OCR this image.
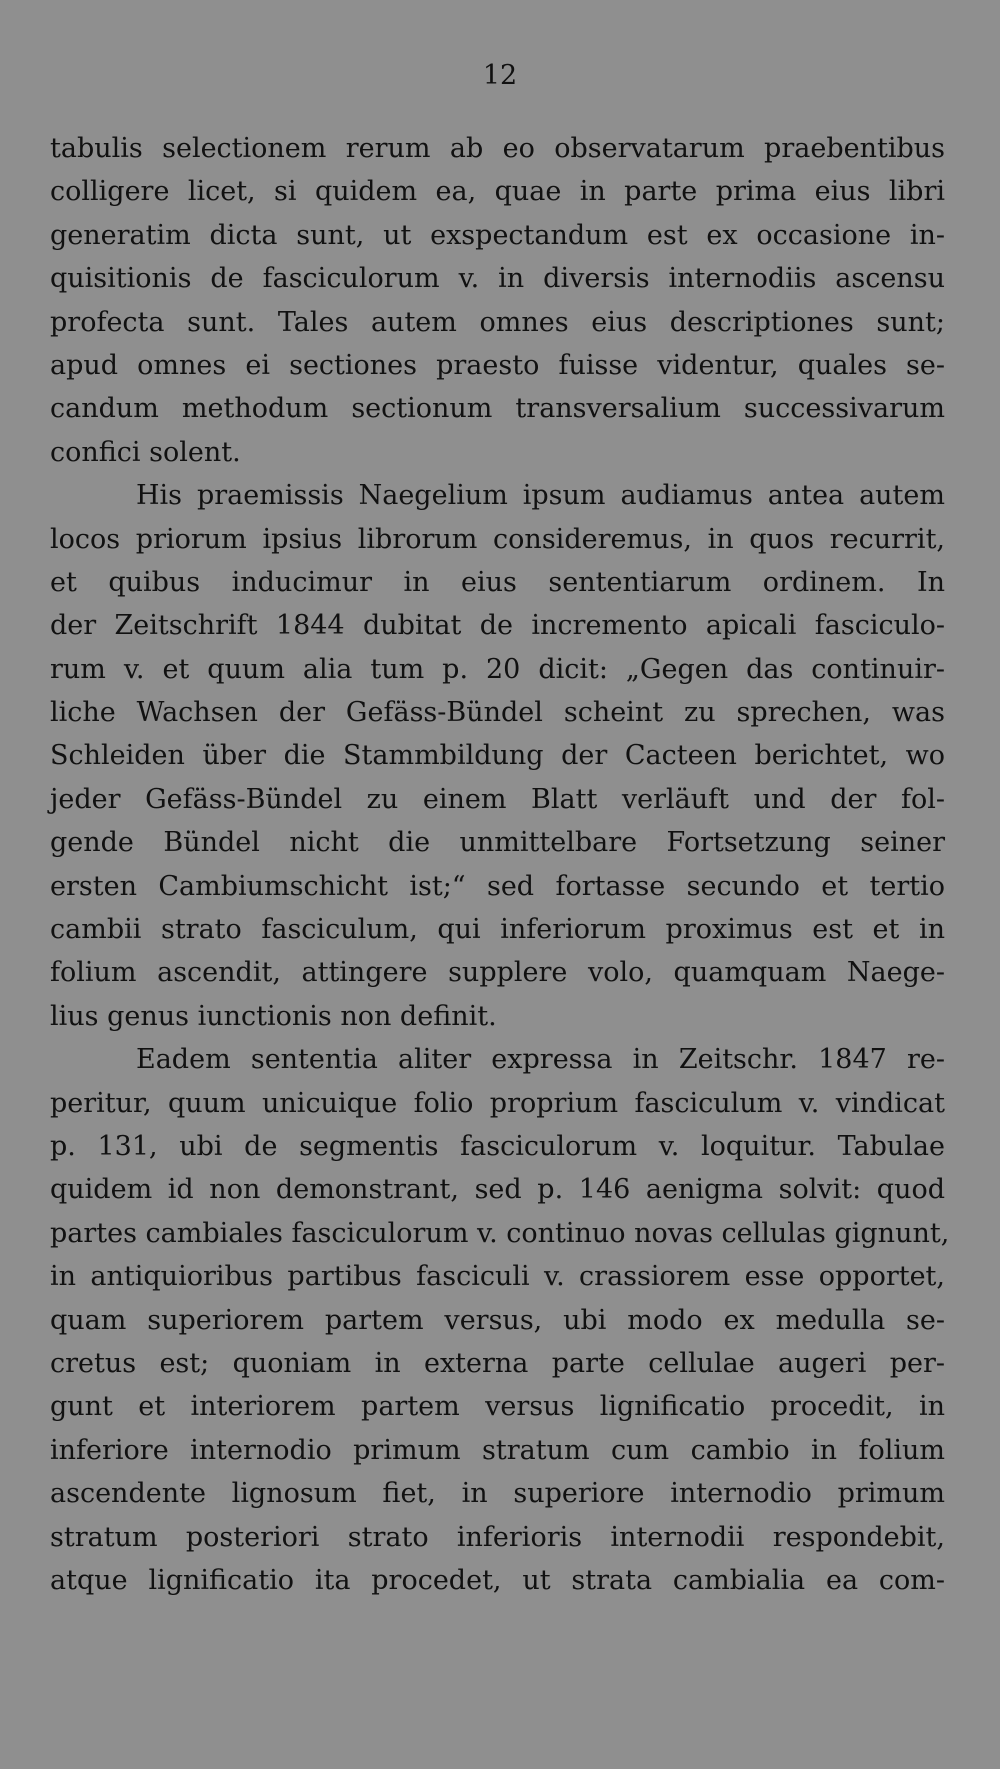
12
tabulis selectionem rerum ab eo observatarum praebentibus
colligere licet, si quidem ea, quae in parte prima eius libri
generatim dicta sunt, ut exspectandum est ex occasione in-
quisitionis de fasciculorum v. in diversis internodiis ascensu
profecta sunt. Tales autem omnes eius descriptiones sunt;
apud omnes ei sectiones praesto fuisse videntur, quales se-
candum methodum sectionum transversalium successivarum
confici solent.
His praemissis Naegelium ipsum audiamus antea autem
locos priorum ipsius librorum consideremus, in quos recurrit,
et quibus inducimur in eius sententiarum ordinem. In
der Zeitschrift 1844 dubitat de incremento apicali fasciculo-
rum v. et quum alia tum p. 20 dicit: „Gegen das continuir-
liche Wachsen der Gefäss-Bündel scheint zu sprechen, was
Schleiden über die Stammbildung der Cacteen berichtet, wo
jeder Gefäss-Bündel zu einem Blatt verläuft und der fol-
gende Bündel nicht die unmittelbare Fortsetzung seiner
ersten Cambiumschicht ist;“ sed fortasse secundo et tertio
cambii strato fasciculum, qui inferiorum proximus est et in
folium ascendit, attingere supplere volo, quamquam Naege-
lius genus iunctionis non definit.
Eadem sententia aliter expressa in Zeitschr. 1847 re-
peritur, quum unicuique folio proprium fasciculum v. vindicat
p. 131, ubi de segmentis fasciculorum v. loquitur. Tabulae
quidem id non demonstrant, sed p. 146 aenigma solvit: quod
partes cambiales fasciculorum v. continuo novas cellulas gignunt,
in antiquioribus partibus fasciculi v. crassiorem esse opportet,
quam superiorem partem versus, ubi modo ex medulla se-
cretus est; quoniam in externa parte cellulae augeri per-
gunt et interiorem partem versus lignificatio procedit, in
inferiore internodio primum stratum cum cambio in folium
ascendente lignosum fiet, in superiore internodio primum
stratum posteriori strato inferioris internodii respondebit,
atque lignificatio ita procedet, ut strata cambialia ea com-
